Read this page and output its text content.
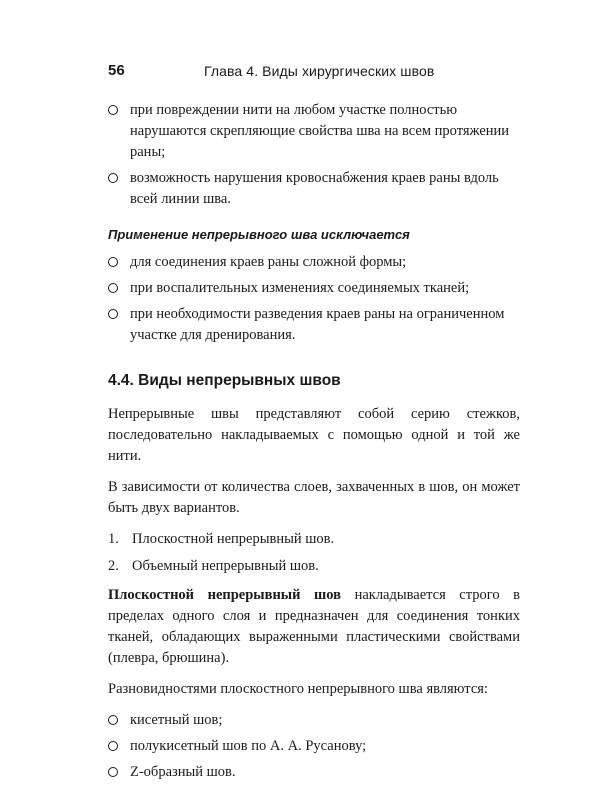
56	Глава 4. Виды хирургических швов
при повреждении нити на любом участке полностью нарушаются скрепляющие свойства шва на всем протяжении раны;
возможность нарушения кровоснабжения краев раны вдоль всей линии шва.
Применение непрерывного шва исключается
для соединения краев раны сложной формы;
при воспалительных изменениях соединяемых тканей;
при необходимости разведения краев раны на ограниченном участке для дренирования.
4.4. Виды непрерывных швов

Непрерывные швы представляют собой серию стежков, последовательно накладываемых с помощью одной и той же нити.

В зависимости от количества слоев, захваченных в шов, он может быть двух вариантов.

1. Плоскостной непрерывный шов.
2. Объемный непрерывный шов.

Плоскостной непрерывный шов накладывается строго в пределах одного слоя и предназначен для соединения тонких тканей, обладающих выраженными пластическими свойствами (плевра, брюшина).

Разновидностями плоскостного непрерывного шва являются:

кисетный шов;
полукисетный шов по А. А. Русанову;
Z-образный шов.
